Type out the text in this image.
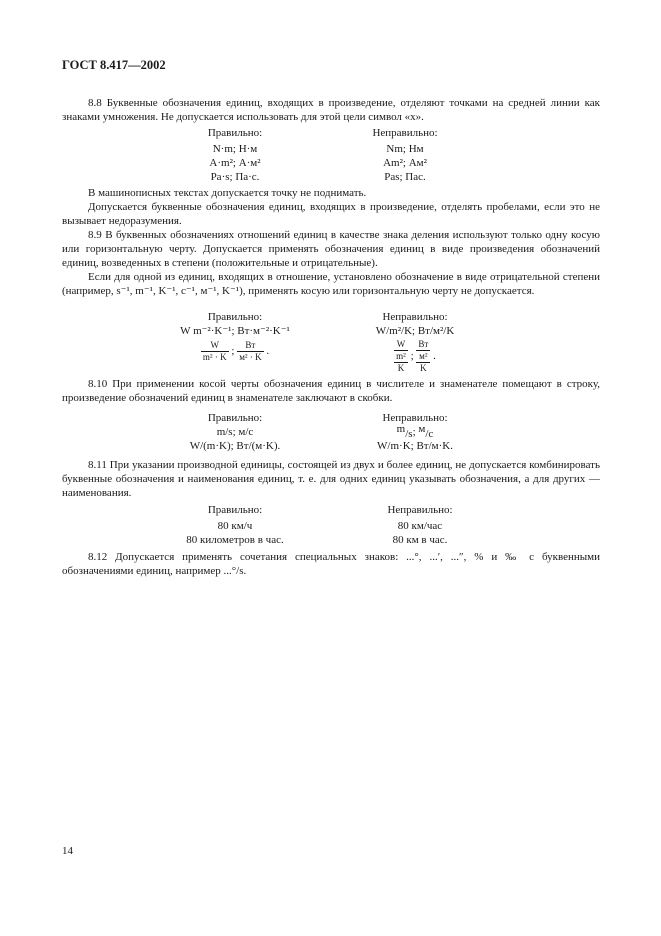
ГОСТ 8.417—2002

8.8 Буквенные обозначения единиц, входящих в произведение, отделяют точками на средней линии как знаками умножения. Не допускается использовать для этой цели символ «х».

Правильно:
N·m; Н·м
A·m²; А·м²
Pa·s; Па·с.
Неправильно:
Nm; Нм
Am²; Ам²
Pas; Пас.

В машинописных текстах допускается точку не поднимать.

Допускается буквенные обозначения единиц, входящих в произведение, отделять пробелами, если это не вызывает недоразумения.

8.9 В буквенных обозначениях отношений единиц в качестве знака деления используют только одну косую или горизонтальную черту. Допускается применять обозначения единиц в виде произведения обозначений единиц, возведенных в степени (положительные и отрицательные).

Если для одной из единиц, входящих в отношение, установлено обозначение в виде отрицательной степени (например, s⁻¹, m⁻¹, K⁻¹, c⁻¹, м⁻¹, K⁻¹), применять косую или горизонтальную черту не допускается.

Правильно:
W m⁻²·K⁻¹; Вт·м⁻²·K⁻¹
$\frac{W}{\text{m² · K}}$ ; $\frac{Вт}{\text{м² · K}}$ .
Неправильно:
W/m²/K; Вт/м²/K
W
m²
K
;
Вт
м²
K
.

8.10 При применении косой черты обозначения единиц в числителе и знаменателе помещают в строку, произведение обозначений единиц в знаменателе заключают в скобки.

Правильно:
m/s; м/с
W/(m·K); Вт/(м·K).
Неправильно:
m/s; м/с
W/m·K; Вт/м·K.

8.11 При указании производной единицы, состоящей из двух и более единиц, не допускается комбинировать буквенные обозначения и наименования единиц, т. е. для одних единиц указывать обозначения, а для других — наименования.

Правильно:
80 км/ч
80 километров в час.
Неправильно:
80 км/час
80 км в час.

8.12 Допускается применять сочетания специальных знаков: ...°, ...′, ...″, % и ‰ с буквенными обозначениями единиц, например ...°/s.

14
